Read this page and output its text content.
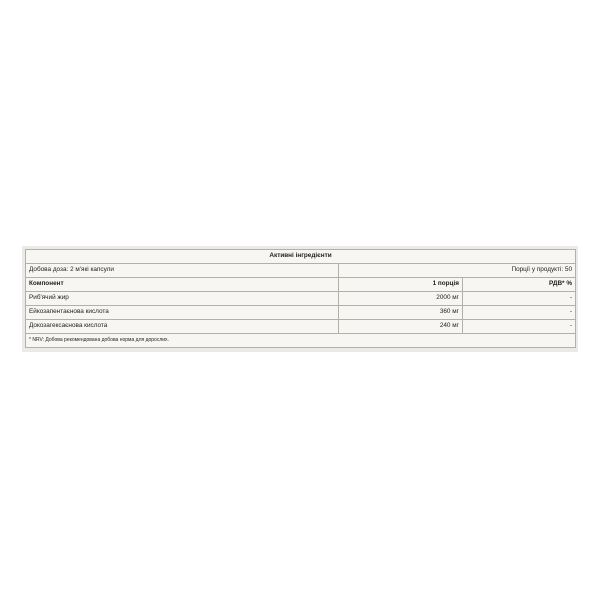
Активні інгредієнти		
Добова доза: 2 м'які капсули	Порції у продукті: 50	
Компонент	1 порція	РДВ* %
Риб'ячий жир	2000 мг	-
Ейкозапентаєнова кислота	360 мг	-
Докозагексаєнова кислота	240 мг	-
* NRV: Добова рекомендована добова норма для дорослих.		
